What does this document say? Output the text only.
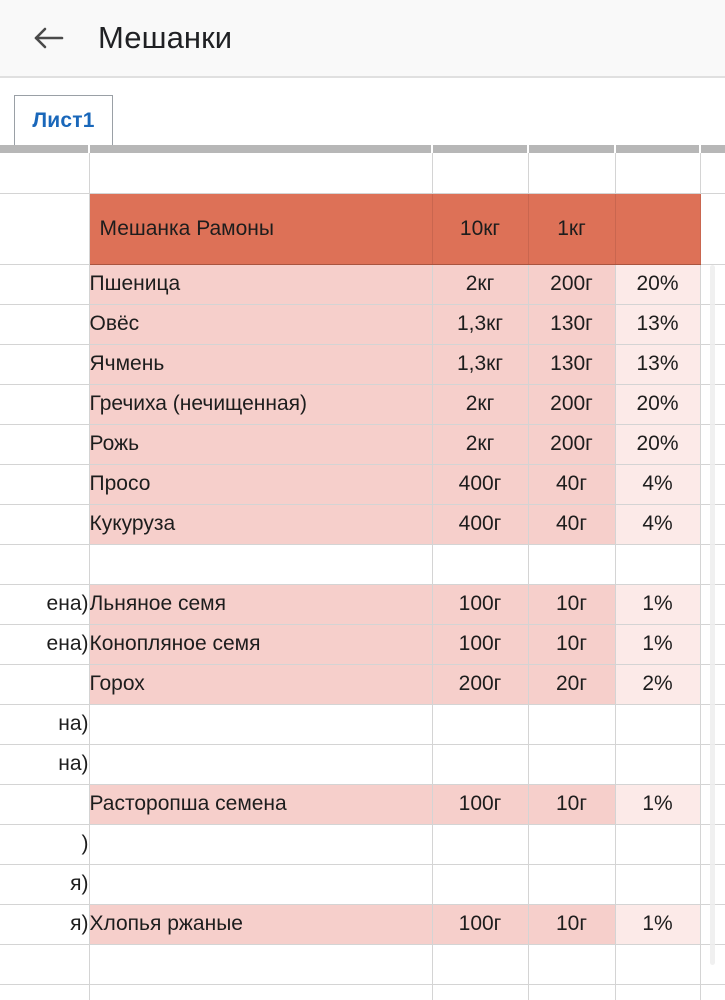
Мешанки
Лист1

	Мешанка Рамоны	10кг	1кг		
	Пшеница	2кг	200г	20%	
	Овёс	1,3кг	130г	13%	
	Ячмень	1,3кг	130г	13%	
	Гречиха (нечищенная)	2кг	200г	20%	
	Рожь	2кг	200г	20%	
	Просо	400г	40г	4%	
	Кукуруза	400г	40г	4%	

ена)	Льняное семя	100г	10г	1%	
ена)	Конопляное семя	100г	10г	1%	
	Горох	200г	20г	2%	
на)					
на)					
	Расторопша семена	100г	10г	1%	
)					
я)					
я)	Хлопья ржаные	100г	10г	1%	
